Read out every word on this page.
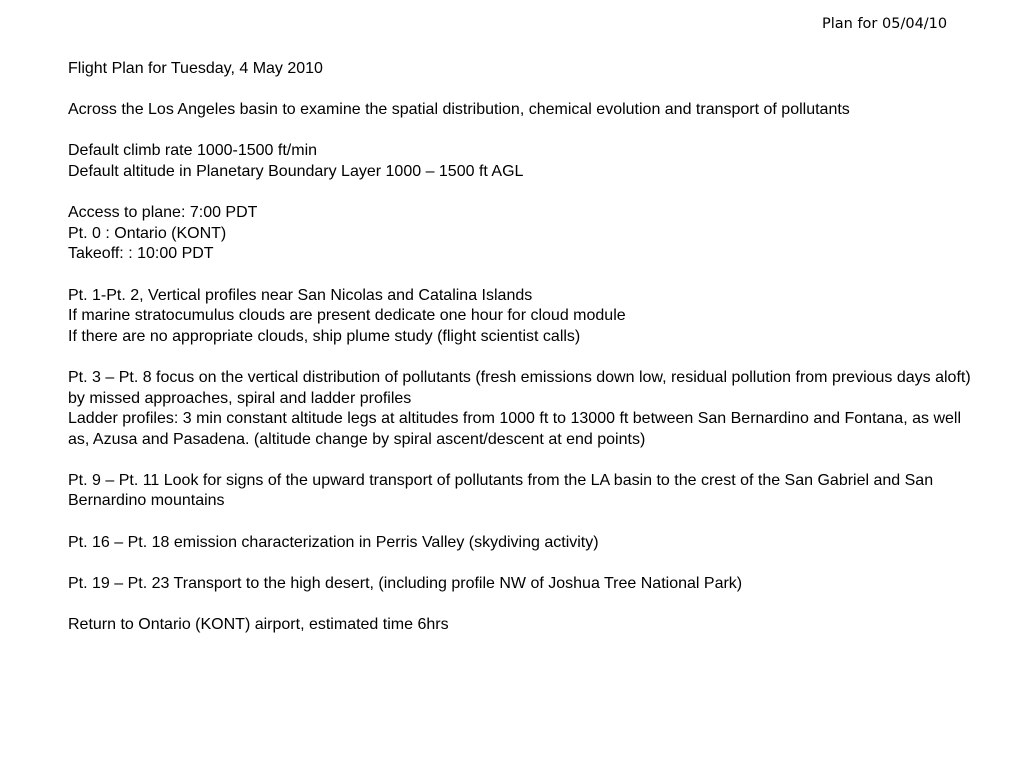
Plan for 05/04/10
Flight Plan for Tuesday, 4 May 2010
Across the Los Angeles basin to examine the spatial distribution, chemical evolution and transport of pollutants
Default climb rate 1000-1500 ft/min
Default altitude in Planetary Boundary Layer 1000 – 1500 ft AGL
Access to plane: 7:00 PDT
Pt. 0 : Ontario (KONT)
Takeoff: : 10:00 PDT
Pt. 1-Pt. 2, Vertical profiles near San Nicolas and Catalina Islands
If marine stratocumulus clouds are present dedicate one hour for cloud module
If there are no appropriate clouds, ship plume study (flight scientist calls)
Pt. 3 – Pt. 8 focus on the vertical distribution of pollutants (fresh emissions down low, residual pollution from previous days aloft) by missed approaches, spiral and ladder profiles
Ladder profiles: 3 min constant altitude legs at altitudes from 1000 ft to 13000 ft between San Bernardino and Fontana, as well as, Azusa and Pasadena. (altitude change by spiral ascent/descent at end points)
Pt. 9 – Pt. 11 Look for signs of the upward transport of pollutants from the LA basin to the crest of the San Gabriel and San Bernardino mountains
Pt. 16 – Pt. 18 emission characterization in Perris Valley (skydiving activity)
Pt. 19 – Pt. 23 Transport to the high desert, (including profile NW of Joshua Tree National Park)
Return to Ontario (KONT) airport, estimated time 6hrs
